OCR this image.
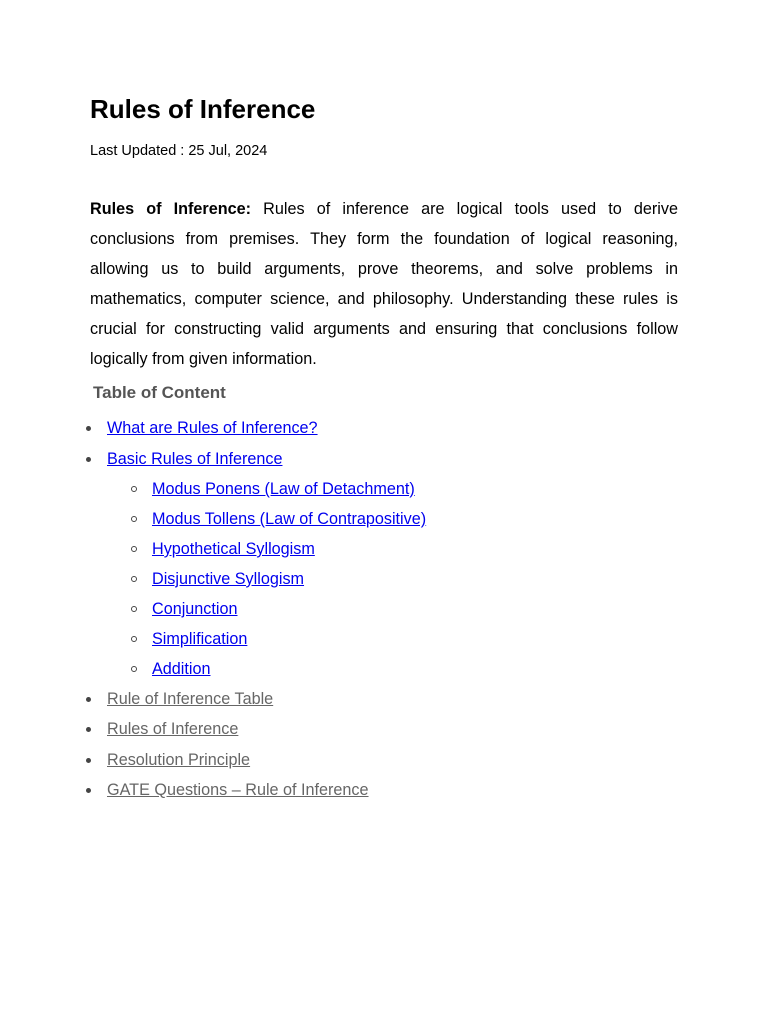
Rules of Inference
Last Updated : 25 Jul, 2024

Rules of Inference: Rules of inference are logical tools used to derive conclusions from premises. They form the foundation of logical reasoning, allowing us to build arguments, prove theorems, and solve problems in mathematics, computer science, and philosophy. Understanding these rules is crucial for constructing valid arguments and ensuring that conclusions follow logically from given information.

Table of Content
What are Rules of Inference?
Basic Rules of Inference
Modus Ponens (Law of Detachment)
Modus Tollens (Law of Contrapositive)
Hypothetical Syllogism
Disjunctive Syllogism
Conjunction
Simplification
Addition
Rule of Inference Table
Rules of Inference
Resolution Principle
GATE Questions – Rule of Inference
